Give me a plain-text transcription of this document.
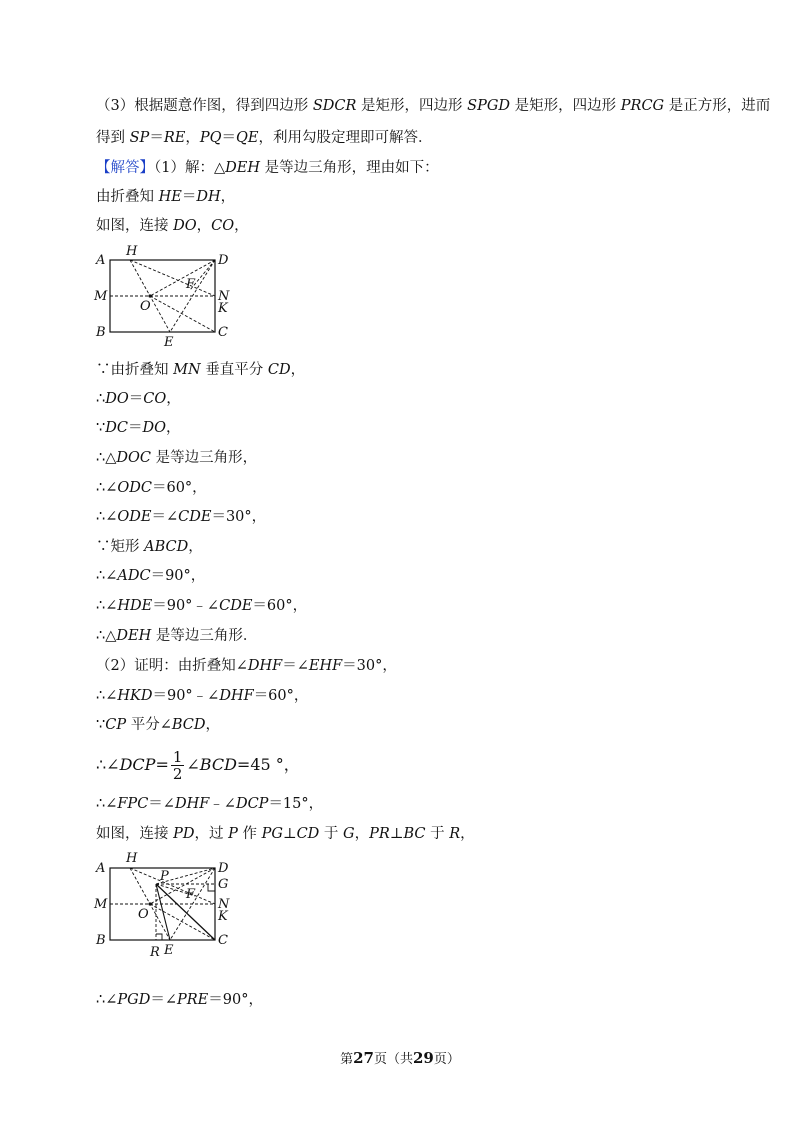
（3）根据题意作图，得到四边形 SDCR 是矩形，四边形 SPGD 是矩形，四边形 PRCG 是正方形，进而
得到 SP＝RE，PQ＝QE，利用勾股定理即可解答．
【解答】（1）解：△DEH 是等边三角形，理由如下：
由折叠知 HE＝DH，
如图，连接 DO，CO，
A
H
D
M
F
N
O	K
B	C
E
∵由折叠知 MN 垂直平分 CD，
∴DO＝CO，
∵DC＝DO，
∴△DOC 是等边三角形，
∴∠ODC＝60°，
∴∠ODE＝∠CDE＝30°，
∵矩形 ABCD，
∴∠ADC＝90°，
∴∠HDE＝90°﹣∠CDE＝60°，
∴△DEH 是等边三角形．
（2）证明：由折叠知∠DHF＝∠EHF＝30°，
∴∠HKD＝90°﹣∠DHF＝60°，
∵CP 平分∠BCD，
∴∠DCP= $\frac{1}{2}$ ∠BCD=45 °，
∴∠FPC＝∠DHF﹣∠DCP＝15°，
如图，连接 PD，过 P 作 PG⊥CD 于 G，PR⊥BC 于 R，
A
H
D
P
G
F
M	N
O	K
B	C
R E
∴∠PGD＝∠PRE＝90°，
第27页（共29页）
